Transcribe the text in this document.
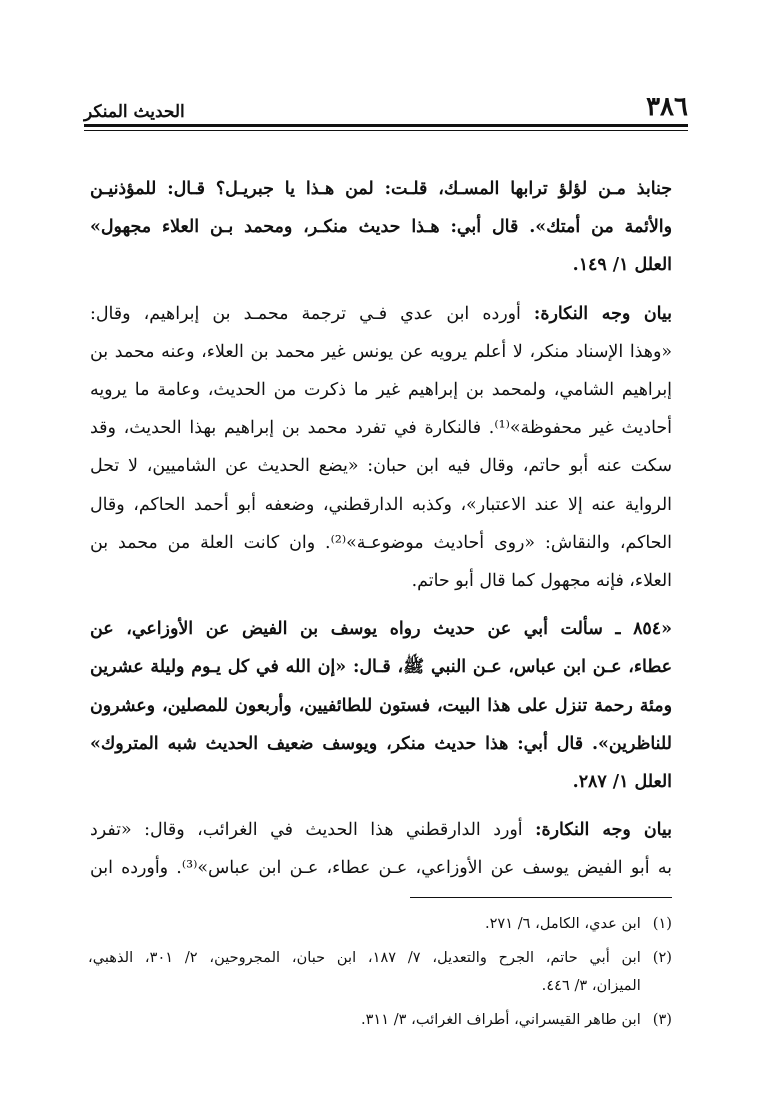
٣٨٦
الحديث المنكر

جنابذ مـن لؤلؤ ترابها المسـك، قلـت: لمن هـذا يا جبريـل؟ قـال: للمؤذنيـن
والأئمة من أمتك». قال أبي: هـذا حديث منكـر، ومحمد بـن العلاء مجهول»
العلل ١/ ١٤٩.

بيان وجه النكارة: أورده ابن عدي فـي ترجمة محمـد بن إبراهيم، وقال:
«وهذا الإسناد منكر، لا أعلم يرويه عن يونس غير محمد بن العلاء، وعنه محمد بن
إبراهيم الشامي، ولمحمد بن إبراهيم غير ما ذكرت من الحديث، وعامة ما يرويه
أحاديث غير محفوظة»⁽¹⁾. فالنكارة في تفرد محمد بن إبراهيم بهذا الحديث، وقد
سكت عنه أبو حاتم، وقال فيه ابن حبان: «يضع الحديث عن الشاميين، لا تحل
الرواية عنه إلا عند الاعتبار»، وكذبه الدارقطني، وضعفه أبو أحمد الحاكم، وقال
الحاكم، والنقاش: «روى أحاديث موضوعـة»⁽²⁾. وان كانت العلة من محمد بن
العلاء، فإنه مجهول كما قال أبو حاتم.

«٨٥٤ ـ سألت أبي عن حديث رواه يوسف بن الفيض عن الأوزاعي، عن
عطاء، عـن ابن عباس، عـن النبي ﷺ، قـال: «إن الله في كل يـوم وليلة عشرين
ومئة رحمة تنزل على هذا البيت، فستون للطائفيين، وأربعون للمصلين، وعشرون
للناظرين». قال أبي: هذا حديث منكر، ويوسف ضعيف الحديث شبه المتروك»
العلل ١/ ٢٨٧.

بيان وجه النكارة: أورد الدارقطني هذا الحديث في الغرائب، وقال: «تفرد
به أبو الفيض يوسف عن الأوزاعي، عـن عطاء، عـن ابن عباس»⁽³⁾. وأورده ابن

(١)
ابن عدي، الكامل، ٦/ ٢٧١.
(٢)
ابن أبي حاتم، الجرح والتعديل، ٧/ ١٨٧، ابن حبان، المجروحين، ٢/ ٣٠١، الذهبي،
الميزان، ٣/ ٤٤٦.
(٣)
ابن طاهر القيسراني، أطراف الغرائب، ٣/ ٣١١.
